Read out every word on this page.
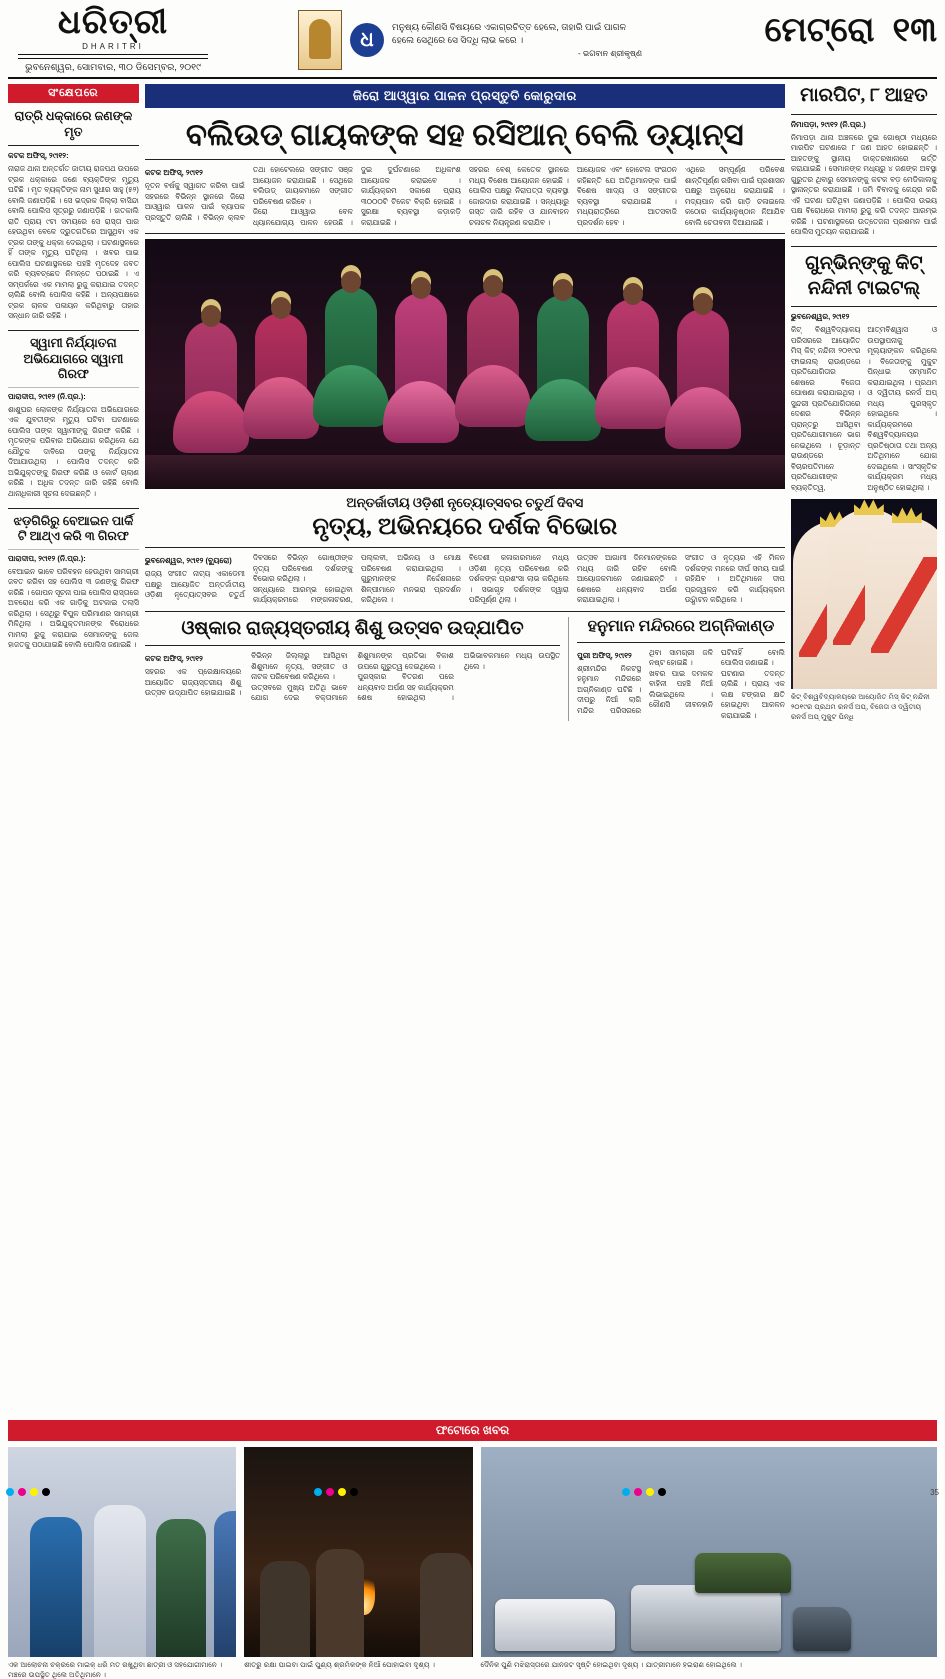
ଧରିତ୍ରୀ
DHARITRI
ଭୁବନେଶ୍ୱର, ସୋମବାର, ୩୦ ଡିସେମ୍ବର, ୨୦୧୯
ଧ
ମନୁଷ୍ୟ କୌଣସି ବିଷୟରେ ଏକାଗ୍ରଚିତ୍ତ ହେଲେ, ତାହାରି ପାଇଁ ପାଗଳ ହେଲେ ସେଥିରେ ସେ ସିଦ୍ଧି ଲାଭ କରେ ।
- ଭଗବାନ ଶ୍ରୀକୃଷ୍ଣ
ମେଟ୍ରୋ ୧୩
ସଂକ୍ଷେପରେ
ରାତ୍ରି ଧକ୍କାରେ ଜଣଙ୍କ ମୃତ
କଟକ ଅଫିସ୍, ୨୯ା୧୨:
ନାରାଜ ଥାନା ଅନ୍ତର୍ଗତ ଜାତୀୟ ରାଜପଥ ଉପରେ ଟ୍ରକ ଧକ୍କାରେ ଜଣେ ବ୍ୟକ୍ତିଙ୍କ ମୃତ୍ୟୁ ଘଟିଛି । ମୃତ ବ୍ୟକ୍ତିଙ୍କ ନାମ ସୁଧୀର ସାହୁ (୫୨) ବୋଲି ଜଣାପଡ଼ିଛି । ସେ ଭଦ୍ରକ ଜିଲ୍ଲା ବାସିନ୍ଦା ବୋଲି ପୋଲିସ ସୂତ୍ରରୁ ଜଣାପଡ଼ିଛି । ଗତକାଲି ରାତି ପ୍ରାୟ ୯ଟା ସମୟରେ ସେ ରାସ୍ତା ପାର ହେଉଥିବା ବେଳେ ଦ୍ରୁତଗତିରେ ଆସୁଥିବା ଏକ ଟ୍ରକ ତାଙ୍କୁ ଧକ୍କା ଦେଇଥିଲା । ଘଟଣାସ୍ଥଳରେ ହିଁ ତାଙ୍କ ମୃତ୍ୟୁ ଘଟିଥିଲା । ଖବର ପାଇ ପୋଲିସ ଘଟଣାସ୍ଥଳରେ ପହଞ୍ଚି ମୃତଦେହ ଜବତ କରି ବ୍ୟବଚ୍ଛେଦ ନିମନ୍ତେ ପଠାଇଛି । ଏ ସମ୍ପର୍କରେ ଏକ ମାମଲା ରୁଜୁ କରାଯାଇ ତଦନ୍ତ ଚାଲିଛି ବୋଲି ପୋଲିସ କହିଛି । ଅନ୍ୟପକ୍ଷରେ ଟ୍ରକ ଚାଳକ ପଳାୟନ କରିଥିବାରୁ ତାହାର ସନ୍ଧାନ ଜାରି ରହିଛି ।
ସ୍ୱାମୀ ନିର୍ଯ୍ୟାତନା ଅଭିଯୋଗରେ ସ୍ୱାମୀ ଗିରଫ
ପାରାଦୀପ, ୨୯ା୧୨ (ନି.ପ୍ର.):
ଶାଶୁଘର ଲୋକଙ୍କ ନିର୍ଯ୍ୟାତନା ଅଭିଯୋଗରେ ଏକ ଯୁବତୀଙ୍କ ମୃତ୍ୟୁ ଘଟିବା ଘଟଣାରେ ପୋଲିସ ତାଙ୍କ ସ୍ୱାମୀଙ୍କୁ ଗିରଫ କରିଛି । ମୃତକଙ୍କ ପରିବାର ଅଭିଯୋଗ କରିଥିଲେ ଯେ ଯୌତୁକ ଦାବିରେ ତାଙ୍କୁ ନିର୍ଯ୍ୟାତନା ଦିଆଯାଉଥିଲା । ପୋଲିସ ତଦନ୍ତ କରି ଅଭିଯୁକ୍ତଙ୍କୁ ଗିରଫ କରିଛି ଓ କୋର୍ଟ ଚାଲାଣ କରିଛି । ଅଧିକ ତଦନ୍ତ ଜାରି ରହିଛି ବୋଲି ଥାନାଧିକାରୀ ସୂଚନା ଦେଇଛନ୍ତି ।
ଝଡ଼ଗିରିରୁ ବେଆଇନ ପାର୍କି ଟି ଆଥ୍‌ଏ କରି ୩ ଗିରଫ
ପାରାଦୀପ, ୨୯ା୧୨ (ନି.ପ୍ର.):
ବେଆଇନ ଭାବେ ପରିବହନ ହେଉଥିବା ସାମଗ୍ରୀ ଜବତ କରିବା ସହ ପୋଲିସ ୩ ଜଣଙ୍କୁ ଗିରଫ କରିଛି । ଗୋପନ ସୂଚନା ପାଇ ପୋଲିସ ରାସ୍ତାରେ ଅବରୋଧ କରି ଏକ ଗାଡ଼ିକୁ ଅଟକାଇ ତଲାସି କରିଥିଲା । ସେଥିରୁ ବିପୁଳ ପରିମାଣର ସାମଗ୍ରୀ ମିଳିଥିଲା । ଅଭିଯୁକ୍ତମାନଙ୍କ ବିରୋଧରେ ମାମଲା ରୁଜୁ କରାଯାଇ ସେମାନଙ୍କୁ ଜେଲ ହାଜତକୁ ପଠାଯାଇଛି ବୋଲି ପୋଲିସ ଜଣାଇଛି ।
ଜିରୋ ଆଓ୍ୱାର ପାଳନ ପ୍ରସ୍ତୁତି କୋରୁଦାର
ବଲିଉଡ୍ ଗାୟକଙ୍କ ସହ ରସିଆନ୍ ବେଲି ଡ୍ୟାନ୍ସ
କଟକ ଅଫିସ୍, ୨୯ା୧୨
ନୂତନ ବର୍ଷକୁ ସ୍ୱାଗତ କରିବା ପାଇଁ ସହରରେ ବିଭିନ୍ନ ସ୍ଥାନରେ ଜିରୋ ଆଓ୍ୱାର ପାଳନ ପାଇଁ ବ୍ୟାପକ ପ୍ରସ୍ତୁତି ଚାଲିଛି । ବିଭିନ୍ନ କ୍ଲବ ତଥା ହୋଟେଲରେ ସଙ୍ଗୀତ ସଞ୍ଜ ଆୟୋଜନ କରାଯାଇଛି । ସେଥିରେ ବଲିଉଡ୍ ଗାୟକମାନେ ସଙ୍ଗୀତ ପରିବେଷଣ କରିବେ ।
ଜିରୋ ଆଓ୍ୱାର ବେଳ ଧ୍ୟାନଯୋଗ୍ୟ ପାଳନ ହେଉଛି । ଦୁଇ ଦୁର୍ଘଟଣାରେ ଅଧିକାଂଶ ଆୟୋଜକ କରାଇବେ । କାର୍ଯ୍ୟକ୍ରମ ସକାଶେ ପ୍ରାୟ ୩୦୦୦ଟି ଟିକେଟ ବିକ୍ରି ହୋଇଛି । ସୁରକ୍ଷା ବ୍ୟବସ୍ଥା କଡ଼ାକଡ଼ି କରାଯାଇଛି ।
ସହରର ବେଶ୍ କେତେକ ସ୍ଥାନରେ ମଧ୍ୟ ବିଶେଷ ଆୟୋଜନ ହୋଇଛି । ପୋଲିସ ପକ୍ଷରୁ ନିରାପତ୍ତା ବ୍ୟବସ୍ଥା ଜୋରଦାର କରାଯାଇଛି । ସନ୍ଧ୍ୟାରୁ ଗସ୍ତ ଜାରି ରହିବ ଓ ଯାନବାହନ ଚଳାଚଳ ନିୟନ୍ତ୍ରଣ କରାଯିବ ।
ଆୟୋଜକ ଏବଂ ହୋଟେଲ ସଂଗଠନ କହିଛନ୍ତି ଯେ ଅତିଥିମାନଙ୍କ ପାଇଁ ବିଶେଷ ଖାଦ୍ୟ ଓ ସଙ୍ଗୀତର ବ୍ୟବସ୍ଥା କରାଯାଇଛି । ମଧ୍ୟରାତ୍ରିରେ ଆତସବାଜି ପ୍ରଦର୍ଶନ ହେବ ।
ଏଥିରେ ସମ୍ପୂର୍ଣ୍ଣ ପରିବେଶ ଶାନ୍ତିପୂର୍ଣ୍ଣ ରଖିବା ପାଇଁ ପ୍ରଶାସନ ପକ୍ଷରୁ ଅନୁରୋଧ କରାଯାଇଛି । ମଦ୍ୟପାନ କରି ଗାଡ଼ି ଚଳାଇଲେ କଠୋର କାର୍ଯ୍ୟାନୁଷ୍ଠାନ ନିଆଯିବ ବୋଲି ଚେତାବନୀ ଦିଆଯାଇଛି ।
ଅନ୍ତର୍ଜାତୀୟ ଓଡ଼ିଶୀ ନୃତ୍ୟୋତ୍ସବର ଚତୁର୍ଥ ଦିବସ
ନୃତ୍ୟ, ଅଭିନୟରେ ଦର୍ଶକ ବିଭୋର
ଭୁବନେଶ୍ୱର, ୨୯ା୧୨ (ବ୍ୟୁରୋ)
ରାଜ୍ୟ ସଂଗୀତ ନାଟ୍ୟ ଏକାଡେମୀ ପକ୍ଷରୁ ଆୟୋଜିତ ଅନ୍ତର୍ଜାତୀୟ ଓଡ଼ିଶୀ ନୃତ୍ୟୋତ୍ସବର ଚତୁର୍ଥ ଦିବସରେ ବିଭିନ୍ନ ଗୋଷ୍ଠୀଙ୍କ ନୃତ୍ୟ ପରିବେଷଣ ଦର୍ଶକଙ୍କୁ ବିଭୋର କରିଥିଲା ।
ସନ୍ଧ୍ୟାରେ ଆରମ୍ଭ ହୋଇଥିବା କାର୍ଯ୍ୟକ୍ରମରେ ମଙ୍ଗଳାଚରଣ, ପଲ୍ଲବୀ, ଅଭିନୟ ଓ ମୋକ୍ଷ ପରିବେଷଣ କରାଯାଇଥିଲା । ଗୁରୁମାନଙ୍କ ନିର୍ଦ୍ଦେଶନାରେ ଶିଳ୍ପୀମାନେ ମନଭରା ପ୍ରଦର୍ଶନ କରିଥିଲେ ।
ବିଦେଶୀ କଳାକାରମାନେ ମଧ୍ୟ ଓଡ଼ିଶୀ ନୃତ୍ୟ ପରିବେଷଣ କରି ଦର୍ଶକଙ୍କ ପ୍ରଶଂସା ଲାଭ କରିଥିଲେ । ସଭାଗୃହ ଦର୍ଶକଙ୍କ ଦ୍ୱାରା ପରିପୂର୍ଣ୍ଣ ଥିଲା ।
ଉତ୍ସବ ଆଗାମୀ ଦିନମାନଙ୍କରେ ମଧ୍ୟ ଜାରି ରହିବ ବୋଲି ଆୟୋଜକମାନେ ଜଣାଇଛନ୍ତି । ଶେଷରେ ଧନ୍ୟବାଦ ଅର୍ପଣ କରାଯାଇଥିଲା ।
ସଂଗୀତ ଓ ନୃତ୍ୟର ଏହି ମିଳନ ଦର୍ଶକଙ୍କ ମନରେ ଦୀର୍ଘ ସମୟ ପାଇଁ ରହିଯିବ । ଅତିଥିମାନେ ଦୀପ ପ୍ରଜ୍ୱଳନ କରି କାର୍ଯ୍ୟକ୍ରମ ଉଦ୍ଘାଟନ କରିଥିଲେ ।
ଓଷ୍କାର ରାଜ୍ୟସ୍ତରୀୟ ଶିଶୁ ଉତ୍ସବ ଉଦ୍‌ଯାପିତ
କଟକ ଅଫିସ୍, ୨୯ା୧୨
ସହରର ଏକ ପ୍ରେକ୍ଷାଳୟରେ ଆୟୋଜିତ ରାଜ୍ୟସ୍ତରୀୟ ଶିଶୁ ଉତ୍ସବ ଉଦ୍‌ଯାପିତ ହୋଇଯାଇଛି । ବିଭିନ୍ନ ଜିଲ୍ଲାରୁ ଆସିଥିବା ଶିଶୁମାନେ ନୃତ୍ୟ, ସଙ୍ଗୀତ ଓ ନାଟକ ପରିବେଷଣ କରିଥିଲେ ।
ଉତ୍ସବରେ ମୁଖ୍ୟ ଅତିଥି ଭାବେ ଯୋଗ ଦେଇ ବକ୍ତାମାନେ ଶିଶୁମାନଙ୍କ ପ୍ରତିଭା ବିକାଶ ଉପରେ ଗୁରୁତ୍ୱ ଦେଇଥିଲେ ।
ପୁରସ୍କାର ବିତରଣ ପରେ ଧନ୍ୟବାଦ ଅର୍ପଣ ସହ କାର୍ଯ୍ୟକ୍ରମ ଶେଷ ହୋଇଥିଲା । ଅଭିଭାବକମାନେ ମଧ୍ୟ ଉପସ୍ଥିତ ଥିଲେ ।
ହନୁମାନ ମନ୍ଦିରରେ ଅଗ୍ନିକାଣ୍ଡ
ପୁରୀ ଅଫିସ୍, ୨୯ା୧୨
ଶ୍ରୀମନ୍ଦିର ନିକଟସ୍ଥ ହନୁମାନ ମନ୍ଦିରରେ ଅଗ୍ନିକାଣ୍ଡ ଘଟିଛି । ଦୀପରୁ ନିଆଁ ଲାଗି ମନ୍ଦିର ପରିସରରେ ଥିବା ସାମଗ୍ରୀ ଜଳି ନଷ୍ଟ ହୋଇଛି ।
ଖବର ପାଇ ଦମକଳ ବାହିନୀ ପହଞ୍ଚି ନିଆଁ ଲିଭାଇଥିଲେ । କୌଣସି ଜୀବନହାନି ଘଟିନାହିଁ ବୋଲି ପୋଲିସ ଜଣାଇଛି ।
ଘଟଣାର ତଦନ୍ତ ଚାଲିଛି । ପ୍ରାୟ ଏକ ଲକ୍ଷ ଟଙ୍କାର କ୍ଷତି ହୋଇଥିବା ଆକଳନ କରାଯାଇଛି ।
ମାରପିଟ, ୮ ଆହତ
ନିମାପଡ଼ା, ୨୯ା୧୨ (ନି.ପ୍ର.)
ନିମାପଡ଼ା ଥାନା ଅଞ୍ଚଳରେ ଦୁଇ ଗୋଷ୍ଠୀ ମଧ୍ୟରେ ମାରପିଟ ଘଟଣାରେ ୮ ଜଣ ଆହତ ହୋଇଛନ୍ତି । ଆହତଙ୍କୁ ସ୍ଥାନୀୟ ଡାକ୍ତରଖାନାରେ ଭର୍ତ୍ତି କରାଯାଇଛି । ସେମାନଙ୍କ ମଧ୍ୟରୁ ୪ ଜଣଙ୍କ ଅବସ୍ଥା ଗୁରୁତର ଥିବାରୁ ସେମାନଙ୍କୁ କଟକ ବଡ଼ ମେଡିକାଲକୁ ସ୍ଥାନାନ୍ତର କରାଯାଇଛି । ଜମି ବିବାଦକୁ କେନ୍ଦ୍ର କରି ଏହି ଘଟଣା ଘଟିଥିବା ଜଣାପଡ଼ିଛି । ପୋଲିସ ଉଭୟ ପକ୍ଷ ବିରୋଧରେ ମାମଲା ରୁଜୁ କରି ତଦନ୍ତ ଆରମ୍ଭ କରିଛି । ଘଟଣାସ୍ଥଳରେ ଉତ୍ତେଜନା ପ୍ରଶମନ ପାଇଁ ପୋଲିସ ମୁତୟନ କରାଯାଇଛି ।
ଗୁନ୍‌ଭିନ୍‌ଙ୍କୁ କିଟ୍ ନନ୍ଦିନୀ ଟାଇଟଲ୍
ଭୁବନେଶ୍ୱର, ୨୯ା୧୨
କିଟ୍ ବିଶ୍ୱବିଦ୍ୟାଳୟ ପରିସରରେ ଆୟୋଜିତ ମିସ୍ କିଟ୍ ନନ୍ଦିନୀ ୨୦୧୯ର ଫାଇନାଲ୍ ରାଉଣ୍ଡରେ ପ୍ରତିଯୋଗିତାର ଶେଷରେ ବିଜେତା ଘୋଷଣା କରାଯାଇଥିଲା । ସୁନ୍ଦରୀ ପ୍ରତିଯୋଗିତାରେ ଦେଶର ବିଭିନ୍ନ ପ୍ରାନ୍ତରୁ ଆସିଥିବା ପ୍ରତିଯୋଗୀମାନେ ଭାଗ ନେଇଥିଲେ । ଚୂଡ଼ାନ୍ତ ରାଉଣ୍ଡରେ ବିଚାରପତିମାନେ ପ୍ରତିଯୋଗୀଙ୍କ ବ୍ୟକ୍ତିତ୍ୱ, ଆତ୍ମବିଶ୍ୱାସ ଓ ଉପସ୍ଥାପନାକୁ ମୂଲ୍ୟାଙ୍କନ କରିଥିଲେ । ବିଜେତାଙ୍କୁ ମୁକୁଟ ପିନ୍ଧାଇ ସମ୍ମାନିତ କରାଯାଇଥିଲା । ପ୍ରଥମ ଓ ଦ୍ୱିତୀୟ ରନର୍ସ ଅପ୍ ମଧ୍ୟ ପୁରସ୍କୃତ ହୋଇଥିଲେ । କାର୍ଯ୍ୟକ୍ରମରେ ବିଶ୍ୱବିଦ୍ୟାଳୟର ପ୍ରତିଷ୍ଠାତା ତଥା ଅନ୍ୟ ଅତିଥିମାନେ ଯୋଗ ଦେଇଥିଲେ । ସାଂସ୍କୃତିକ କାର୍ଯ୍ୟକ୍ରମ ମଧ୍ୟ ଅନୁଷ୍ଠିତ ହୋଇଥିଲା ।
କିଟ୍ ବିଶ୍ୱବିଦ୍ୟାଳୟରେ ଆୟୋଜିତ ମିସ୍ କିଟ୍ ନନ୍ଦିନୀ ୨୦୧୯ର ପ୍ରଥମ ରନର୍ସ ଅପ୍, ବିଜେତା ଓ ଦ୍ୱିତୀୟ ରନର୍ସ ଅପ୍ ମୁକୁଟ ପିନ୍ଧି
ଫଟୋରେ ଖବର
ଏକ ଆଲୋଚନା ଚକ୍ରରେ ମାଇକ୍ ଧରି ମତ ରଖୁଥିବା ଛାତ୍ରୀ ଓ ସହଯୋଗୀମାନେ । ମଞ୍ଚରେ ଉପସ୍ଥିତ ଥିଲେ ଅତିଥିମାନେ ।
ଶୀତରୁ ରକ୍ଷା ପାଇବା ପାଇଁ ପୁଣ୍ୟ ଶ୍ରମିକଙ୍କ ନିଆଁ ପୋହାଇବା ଦୃଶ୍ୟ ।	ଦୈନିକ ପୁଣି ମଝିରାସ୍ତାରେ ଯାନଜଟ ସୃଷ୍ଟି ହୋଇଥିବା ଦୃଶ୍ୟ । ଯାତ୍ରୀମାନେ ହଇରାଣ ହୋଇଥିଲେ ।
35
